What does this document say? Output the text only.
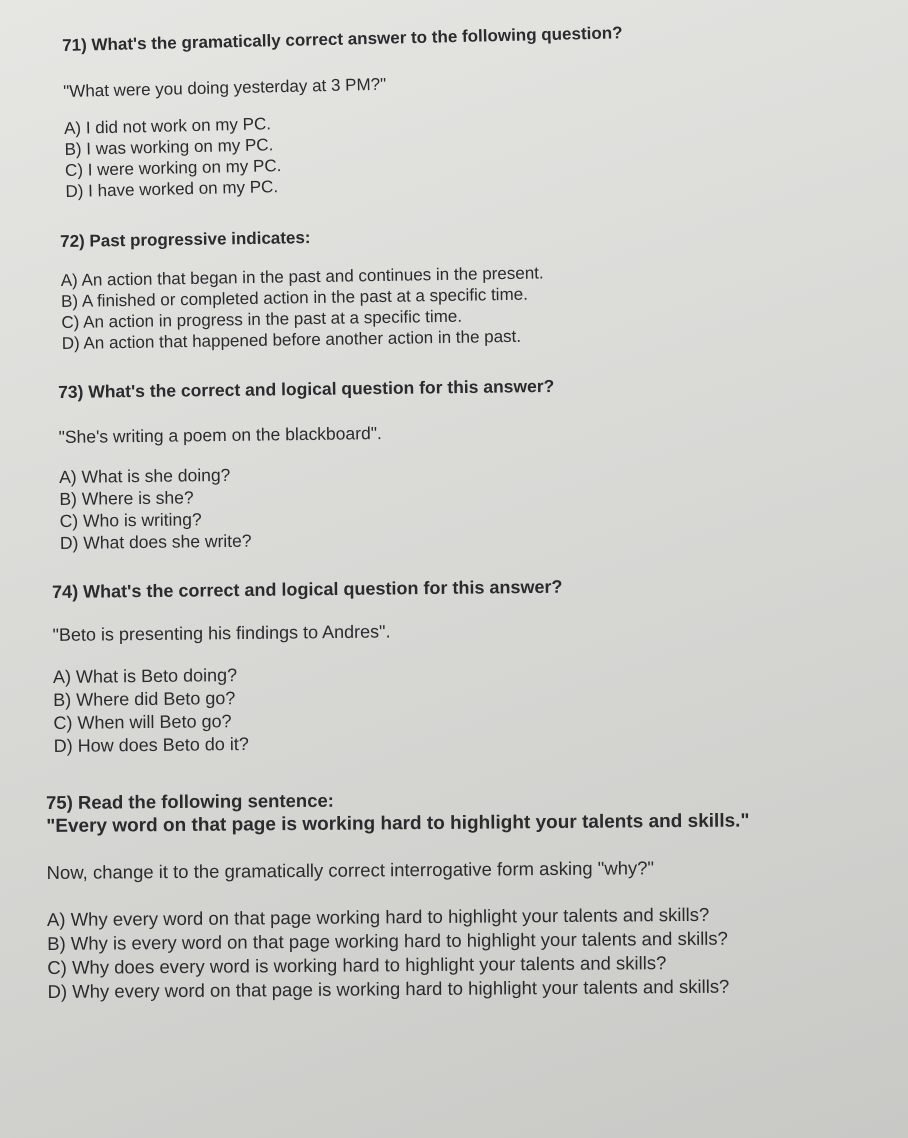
71) What's the gramatically correct answer to the following question?

"What were you doing yesterday at 3 PM?"

A) I did not work on my PC.
B) I was working on my PC.
C) I were working on my PC.
D) I have worked on my PC.

72) Past progressive indicates:

A) An action that began in the past and continues in the present.
B) A finished or completed action in the past at a specific time.
C) An action in progress in the past at a specific time.
D) An action that happened before another action in the past.

73) What's the correct and logical question for this answer?

"She's writing a poem on the blackboard".

A) What is she doing?
B) Where is she?
C) Who is writing?
D) What does she write?

74) What's the correct and logical question for this answer?

"Beto is presenting his findings to Andres".

A) What is Beto doing?
B) Where did Beto go?
C) When will Beto go?
D) How does Beto do it?

75) Read the following sentence:

"Every word on that page is working hard to highlight your talents and skills."

Now, change it to the gramatically correct interrogative form asking "why?"

A) Why every word on that page working hard to highlight your talents and skills?
B) Why is every word on that page working hard to highlight your talents and skills?
C) Why does every word is working hard to highlight your talents and skills?
D) Why every word on that page is working hard to highlight your talents and skills?
